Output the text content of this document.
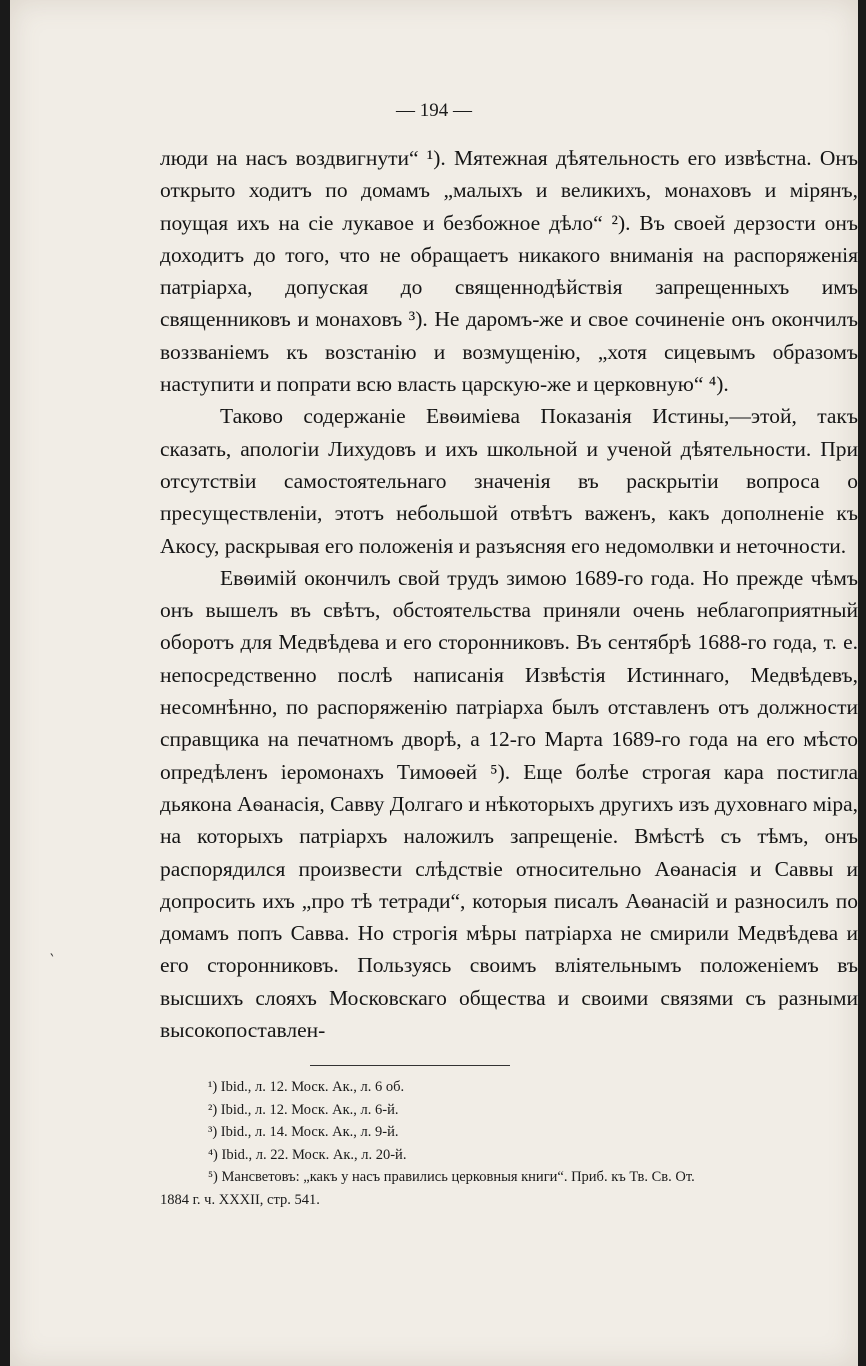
— 194 —

люди на насъ воздвигнути“ ¹). Мятежная дѣятельность его извѣстна. Онъ открыто ходитъ по домамъ „малыхъ и великихъ, монаховъ и мірянъ, поущая ихъ на сіе лукавое и безбожное дѣло“ ²). Въ своей дерзости онъ доходитъ до того, что не обращаетъ никакого вниманія на распоряженія патріарха, допуская до священнодѣйствія запрещенныхъ имъ священниковъ и монаховъ ³). Не даромъ-же и свое сочиненіе онъ окончилъ воззваніемъ къ возстанію и возмущенію, „хотя сицевымъ образомъ наступити и попрати всю власть царскую-же и церковную“ ⁴).

Таково содержаніе Евѳиміева Показанія Истины,—этой, такъ сказать, апологіи Лихудовъ и ихъ школьной и ученой дѣятельности. При отсутствіи самостоятельнаго значенія въ раскрытіи вопроса о пресуществленіи, этотъ небольшой отвѣтъ важенъ, какъ дополненіе къ Акосу, раскрывая его положенія и разъясняя его недомолвки и неточности.

Евѳимій окончилъ свой трудъ зимою 1689-го года. Но прежде чѣмъ онъ вышелъ въ свѣтъ, обстоятельства приняли очень неблагоприятный оборотъ для Медвѣдева и его сторонниковъ. Въ сентябрѣ 1688-го года, т. е. непосредственно послѣ написанія Извѣстія Истиннаго, Медвѣдевъ, несомнѣнно, по распоряженію патріарха былъ отставленъ отъ должности справщика на печатномъ дворѣ, а 12-го Марта 1689-го года на его мѣсто опредѣленъ іеромонахъ Тимоѳей ⁵). Еще болѣе строгая кара постигла дьякона Аѳанасія, Савву Долгаго и нѣкоторыхъ другихъ изъ духовнаго міра, на которыхъ патріархъ наложилъ запрещеніе. Вмѣстѣ съ тѣмъ, онъ распорядился произвести слѣдствіе относительно Аѳанасія и Саввы и допросить ихъ „про тѣ тетради“, которыя писалъ Аѳанасій и разносилъ по домамъ попъ Савва. Но строгія мѣры патріарха не смирили Медвѣдева и его сторонниковъ. Пользуясь своимъ вліятельнымъ положеніемъ въ высшихъ слояхъ Московскаго общества и своими связями съ разными высокопоставлен-

¹) Ibid., л. 12. Моск. Ак., л. 6 об.
²) Ibid., л. 12. Моск. Ак., л. 6-й.
³) Ibid., л. 14. Моск. Ак., л. 9-й.
⁴) Ibid., л. 22. Моск. Ак., л. 20-й.
⁵) Мансветовъ: „какъ у насъ правились церковныя книги“. Приб. къ Тв. Св. От.
1884 г. ч. XXXII, стр. 541.
‵
